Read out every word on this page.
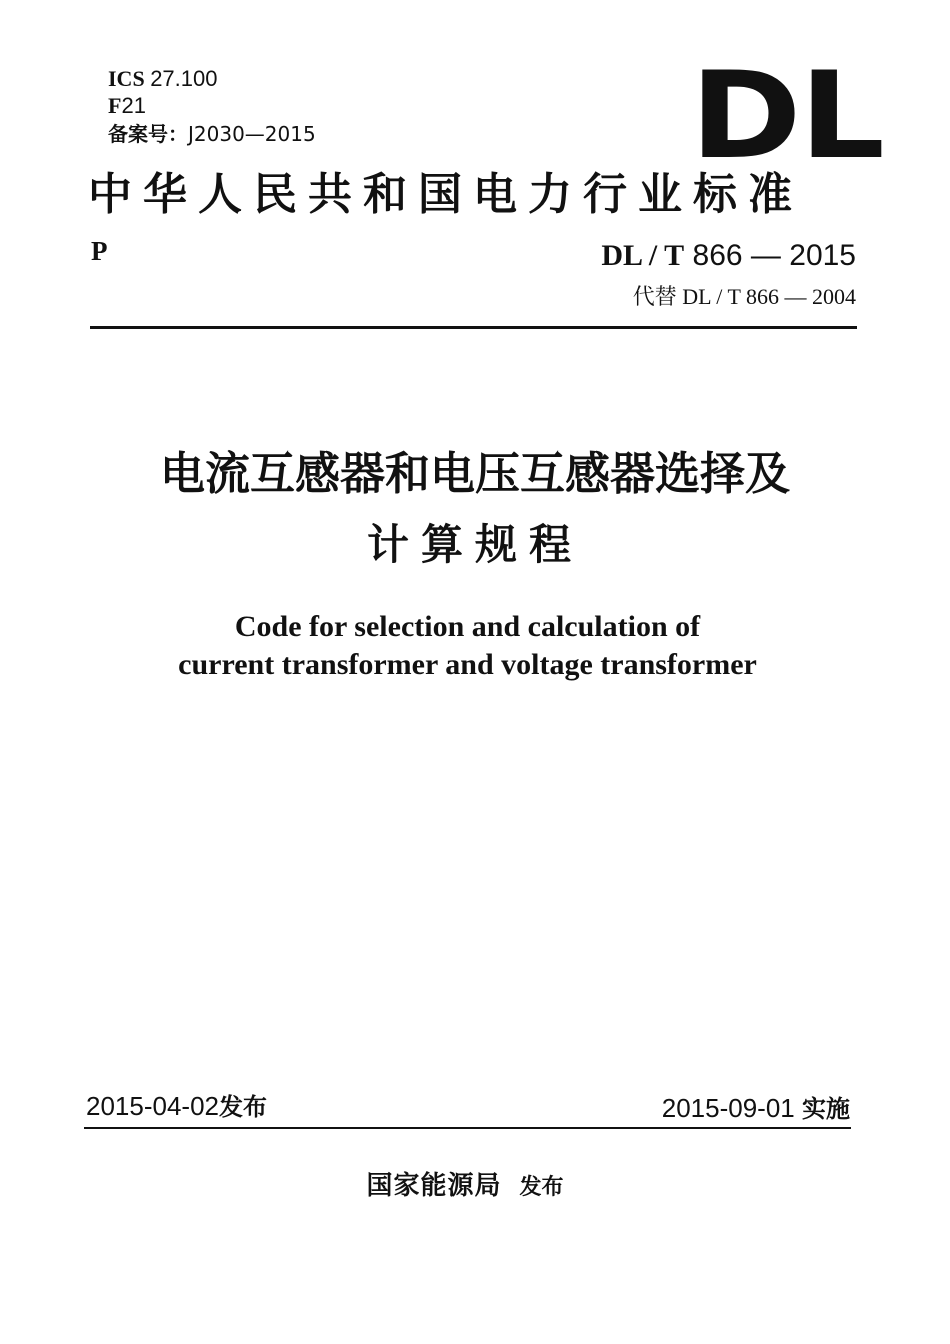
ICS 27.100
F21
备案号：J2030—2015	DL
中华人民共和国电力行业标准
P	DL / T 866 — 2015
代替 DL / T 866 — 2004
电流互感器和电压互感器选择及
计算规程
Code for selection and calculation of
current transformer and voltage transformer
2015-04-02发布	2015-09-01 实施
国家能源局 发布
